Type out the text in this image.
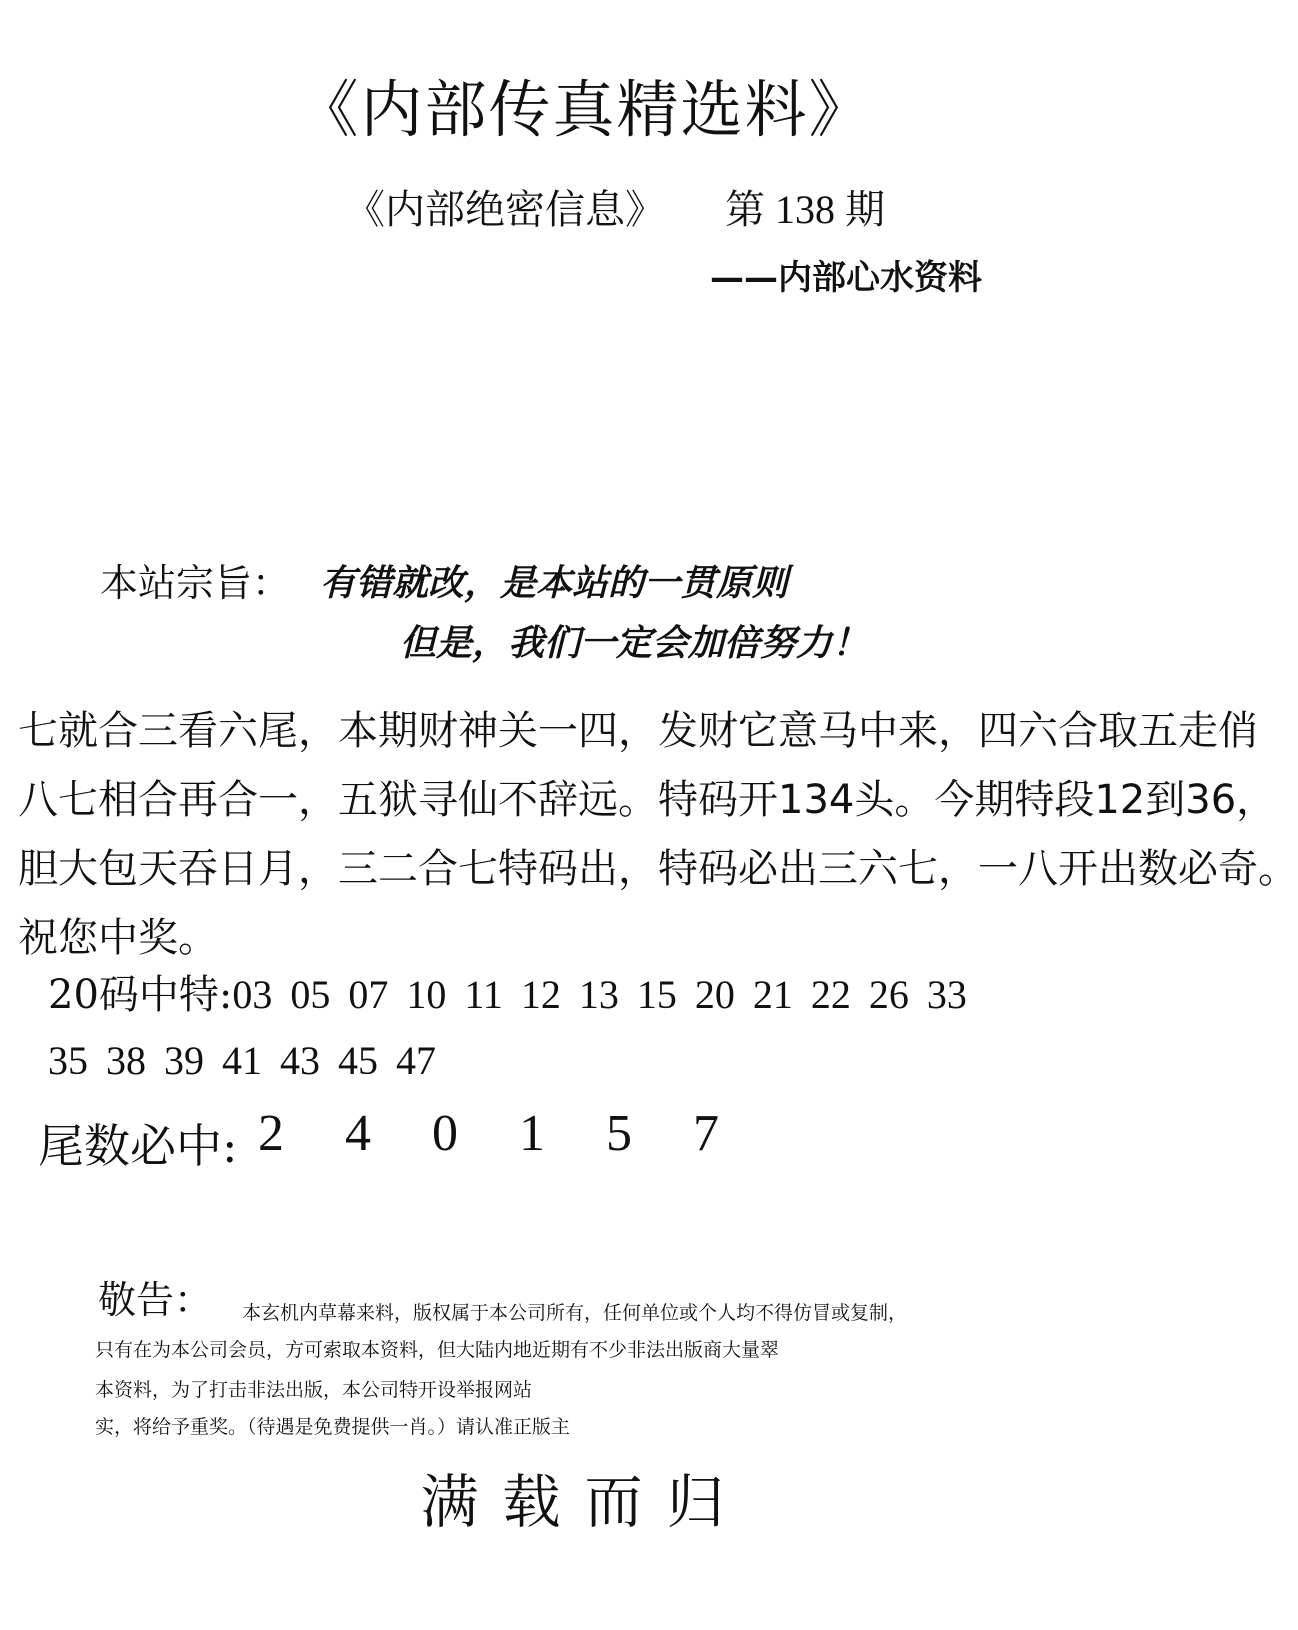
《内部传真精选料》
《内部绝密信息》 第 138 期
——内部心水资料
本站宗旨： 有错就改，是本站的一贯原则
但是，我们一定会加倍努力！
七就合三看六尾，本期财神关一四，发财它意马中来，四六合取五走俏
八七相合再合一，五狱寻仙不辞远。特码开134头。今期特段12到36，
胆大包天吞日月，三二合七特码出，特码必出三六七，一八开出数必奇。
祝您中奖。
20码中特:03 05 07 10 11 12 13 15 20 21 22 26 33
35 38 39 41 43 45 47
尾数必中: 2 4 0 1 5 7
敬告： 本玄机内草幕来料，版权属于本公司所有，任何单位或个人均不得仿冒或复制，
只有在为本公司会员，方可索取本资料，但大陆内地近期有不少非法出版商大量翠
本资料，为了打击非法出版，本公司特开设举报网站
实，将给予重奖。（待遇是免费提供一肖。）请认准正版主
满载而归
